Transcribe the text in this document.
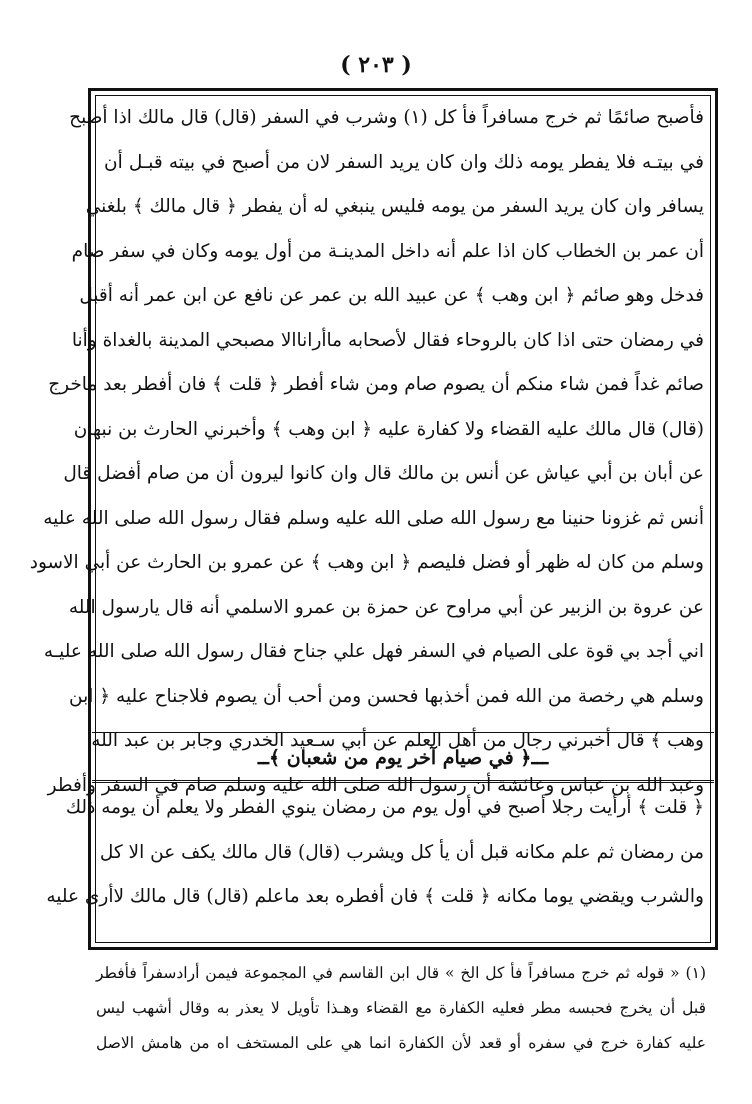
( ٢٠٣ )
فأصبح صائمًا ثم خرج مسافراً فأ كل (١) وشرب في السفر (قال) قال مالك اذا أصبح
في بيتـه فلا يفطر يومه ذلك وان كان يريد السفر لان من أصبح في بيته قبـل أن
يسافر وان كان يريد السفر من يومه فليس ينبغي له أن يفطر ﴿ قال مالك ﴾ بلغني
أن عمر بن الخطاب كان اذا علم أنه داخل المدينـة من أول يومه وكان في سفر صام
فدخل وهو صائم ﴿ ابن وهب ﴾ عن عبيد الله بن عمر عن نافع عن ابن عمر أنه أقبل
في رمضان حتى اذا كان بالروحاء فقال لأصحابه ماأراناالا مصبحي المدينة بالغداة وأنا
صائم غداً فمن شاء منكم أن يصوم صام ومن شاء أفطر ﴿ قلت ﴾ فان أفطر بعد ماخرج
(قال) قال مالك عليه القضاء ولا كفارة عليه ﴿ ابن وهب ﴾ وأخبرني الحارث بن نبهان
عن أبان بن أبي عياش عن أنس بن مالك قال وان كانوا ليرون أن من صام أفضل قال
أنس ثم غزونا حنينا مع رسول الله صلى الله عليه وسلم فقال رسول الله صلى الله عليه
وسلم من كان له ظهر أو فضل فليصم ﴿ ابن وهب ﴾ عن عمرو بن الحارث عن أبي الاسود
عن عروة بن الزبير عن أبي مراوح عن حمزة بن عمرو الاسلمي أنه قال يارسول الله
اني أجد بي قوة على الصيام في السفر فهل علي جناح فقال رسول الله صلى الله عليـه
وسلم هي رخصة من الله فمن أخذبها فحسن ومن أحب أن يصوم فلاجناح عليه ﴿ ابن
وهب ﴾ قال أخبرني رجال من أهل العلم عن أبي سـعيد الخدري وجابر بن عبد الله
وعبد الله بن عباس وعائشة أن رسول الله صلى الله عليه وسلم صام في السفر وأفطر
ـــ﴿ في صيام آخر يوم من شعبان ﴾ــ
﴿ قلت ﴾ أرأيت رجلا أصبح في أول يوم من رمضان ينوي الفطر ولا يعلم أن يومه ذلك
من رمضان ثم علم مكانه قبل أن يأ كل ويشرب (قال) قال مالك يكف عن الا كل
والشرب ويقضي يوما مكانه ﴿ قلت ﴾ فان أفطره بعد ماعلم (قال) قال مالك لاأرى عليه
(١) « قوله ثم خرج مسافراً فأ كل الخ » قال ابن القاسم في المجموعة فيمن أرادسفراً فأفطر
قبل أن يخرج فحبسه مطر فعليه الكفارة مع القضاء وهـذا تأويل لا يعذر به وقال أشهب ليس
عليه كفارة خرج في سفره أو قعد لأن الكفارة انما هي على المستخف اه من هامش الاصل
